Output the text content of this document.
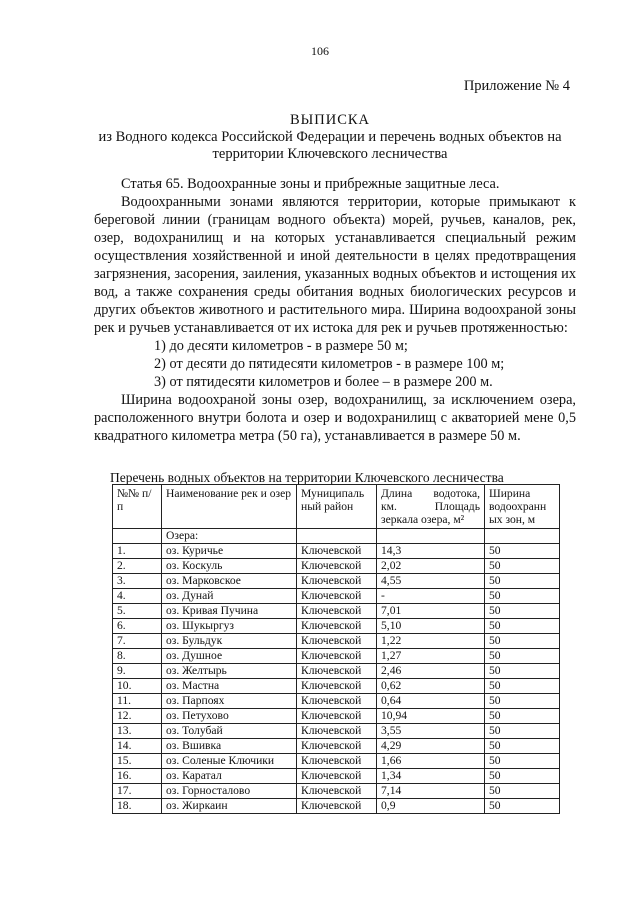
106
Приложение № 4
ВЫПИСКА
из Водного кодекса Российской Федерации и перечень водных объектов на
территории Ключевского лесничества

Статья 65. Водоохранные зоны и прибрежные защитные леса.

Водоохранными зонами являются территории, которые примыкают к береговой линии (границам водного объекта) морей, ручьев, каналов, рек, озер, водохранилищ и на которых устанавливается специальный режим осуществления хозяйственной и иной деятельности в целях предотвращения загрязнения, засорения, заиления, указанных водных объектов и истощения их вод, а также сохранения среды обитания водных биологических ресурсов и других объектов животного и растительного мира. Ширина водоохраной зоны рек и ручьев устанавливается от их истока для рек и ручьев протяженностью:

1) до десяти километров - в размере 50 м;

2) от десяти до пятидесяти километров - в размере 100 м;

3) от пятидесяти километров и более – в размере 200 м.

Ширина водоохраной зоны озер, водохранилищ, за исключением озера, расположенного внутри болота и озер и водохранилищ с акваторией мене 0,5 квадратного километра метра (50 га), устанавливается в размере 50 м.

Перечень водных объектов на территории Ключевского лесничества
№№ п/п	Наименование рек и озер	Муниципаль ный район	Длина водотока, км. Площадь зеркала озера, м²	Ширина водоохранн ых зон, м
	Озера:			
1.	оз. Куричье	Ключевской	14,3	50
2.	оз. Коскуль	Ключевской	2,02	50
3.	оз. Марковское	Ключевской	4,55	50
4.	оз. Дунай	Ключевской	-	50
5.	оз. Кривая Пучина	Ключевской	7,01	50
6.	оз. Шукыргуз	Ключевской	5,10	50
7.	оз. Бульдук	Ключевской	1,22	50
8.	оз. Душное	Ключевской	1,27	50
9.	оз. Желтырь	Ключевской	2,46	50
10.	оз. Мастна	Ключевской	0,62	50
11.	оз. Парпоях	Ключевской	0,64	50
12.	оз. Петухово	Ключевской	10,94	50
13.	оз. Толубай	Ключевской	3,55	50
14.	оз. Вшивка	Ключевской	4,29	50
15.	оз. Соленые Ключики	Ключевской	1,66	50
16.	оз. Каратал	Ключевской	1,34	50
17.	оз. Горносталово	Ключевской	7,14	50
18.	оз. Жиркаин	Ключевской	0,9	50
